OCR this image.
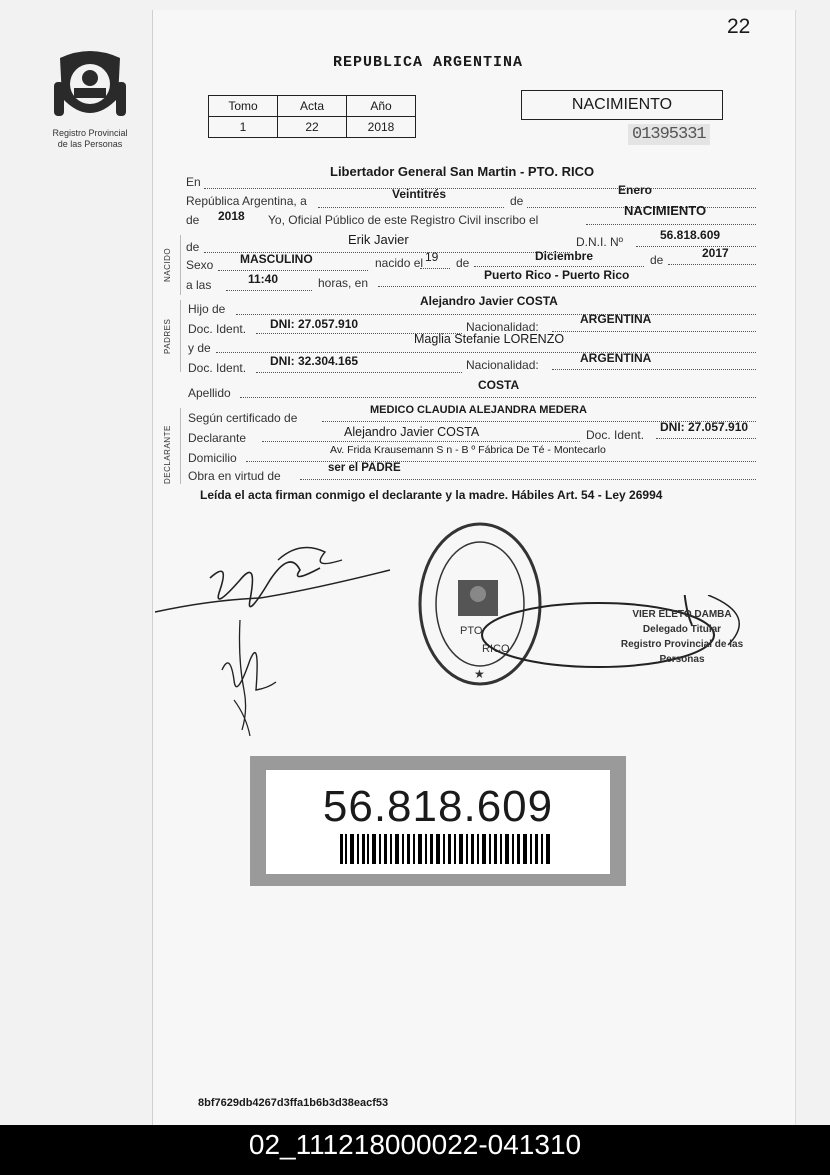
22
Registro Provincial
de las Personas
REPUBLICA ARGENTINA
Tomo	Acta	Año
1	22	2018
NACIMIENTO
01395331
En
Libertador General San Martin - PTO. RICO
República Argentina, a	Veintitrés	de
Enero
de 2018 Yo, Oficial Público de este Registro Civil inscribo el
NACIMIENTO
NACIDO
de	Erik Javier	D.N.I. Nº	56.818.609
Sexo MASCULINO	nacido el 19 de	Diciembre	de	2017
a las	11:40	horas, en
Puerto Rico - Puerto Rico
PADRES
Hijo de
Alejandro Javier COSTA
Doc. Ident. DNI: 27.057.910	Nacionalidad:
ARGENTINA
y de
Maglia Stefanie LORENZO
Doc. Ident. DNI: 32.304.165	Nacionalidad:	ARGENTINA
Apellido
COSTA
DECLARANTE
Según certificado de
MEDICO CLAUDIA ALEJANDRA MEDERA
Declarante	Alejandro Javier COSTA	Doc. Ident.
DNI: 27.057.910
Domicilio
Av. Frida Krausemann S n - B º Fábrica De Té - Montecarlo
Obra en virtud de
ser el PADRE
Leída el acta firman conmigo el declarante y la madre. Hábiles Art. 54 - Ley 26994
PTO
RICO
★
VIER ELETO DAMBA
Delegado Titular
Registro Provincial de las Personas
56.818.609
8bf7629db4267d3ffa1b6b3d38eacf53
02_111218000022-041310
